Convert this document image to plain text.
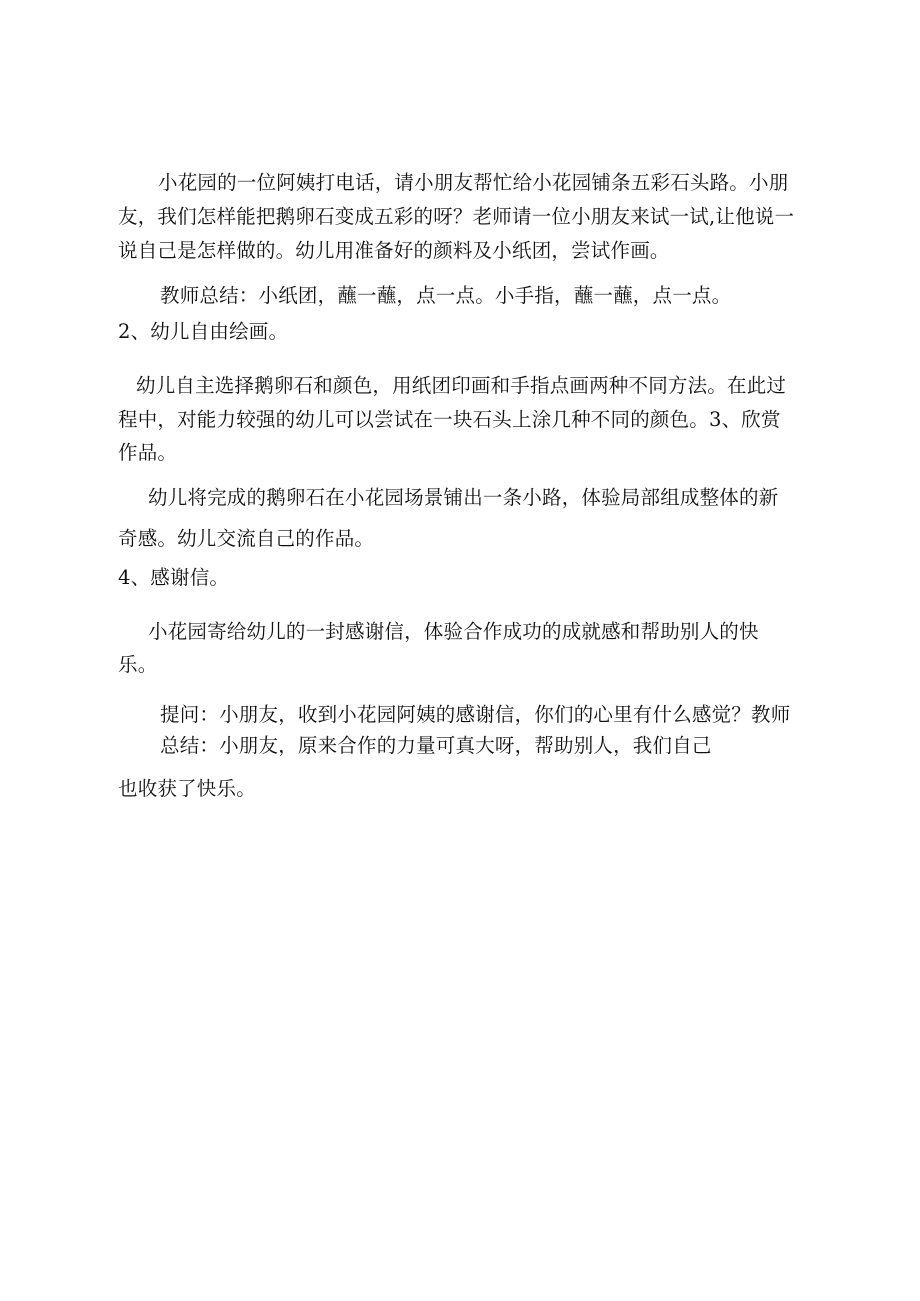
小花园的一位阿姨打电话，请小朋友帮忙给小花园铺条五彩石头路。小朋
友，我们怎样能把鹅卵石变成五彩的呀？老师请一位小朋友来试一试,让他说一
说自己是怎样做的。幼儿用准备好的颜料及小纸团，尝试作画。
教师总结：小纸团，蘸一蘸，点一点。小手指，蘸一蘸，点一点。
2、幼儿自由绘画。
幼儿自主选择鹅卵石和颜色，用纸团印画和手指点画两种不同方法。在此过
程中，对能力较强的幼儿可以尝试在一块石头上涂几种不同的颜色。3、欣赏
作品。
幼儿将完成的鹅卵石在小花园场景铺出一条小路，体验局部组成整体的新
奇感。幼儿交流自己的作品。
4、感谢信。
小花园寄给幼儿的一封感谢信，体验合作成功的成就感和帮助别人的快
乐。
提问：小朋友，收到小花园阿姨的感谢信，你们的心里有什么感觉？教师
总结：小朋友，原来合作的力量可真大呀，帮助别人，我们自己
也收获了快乐。
